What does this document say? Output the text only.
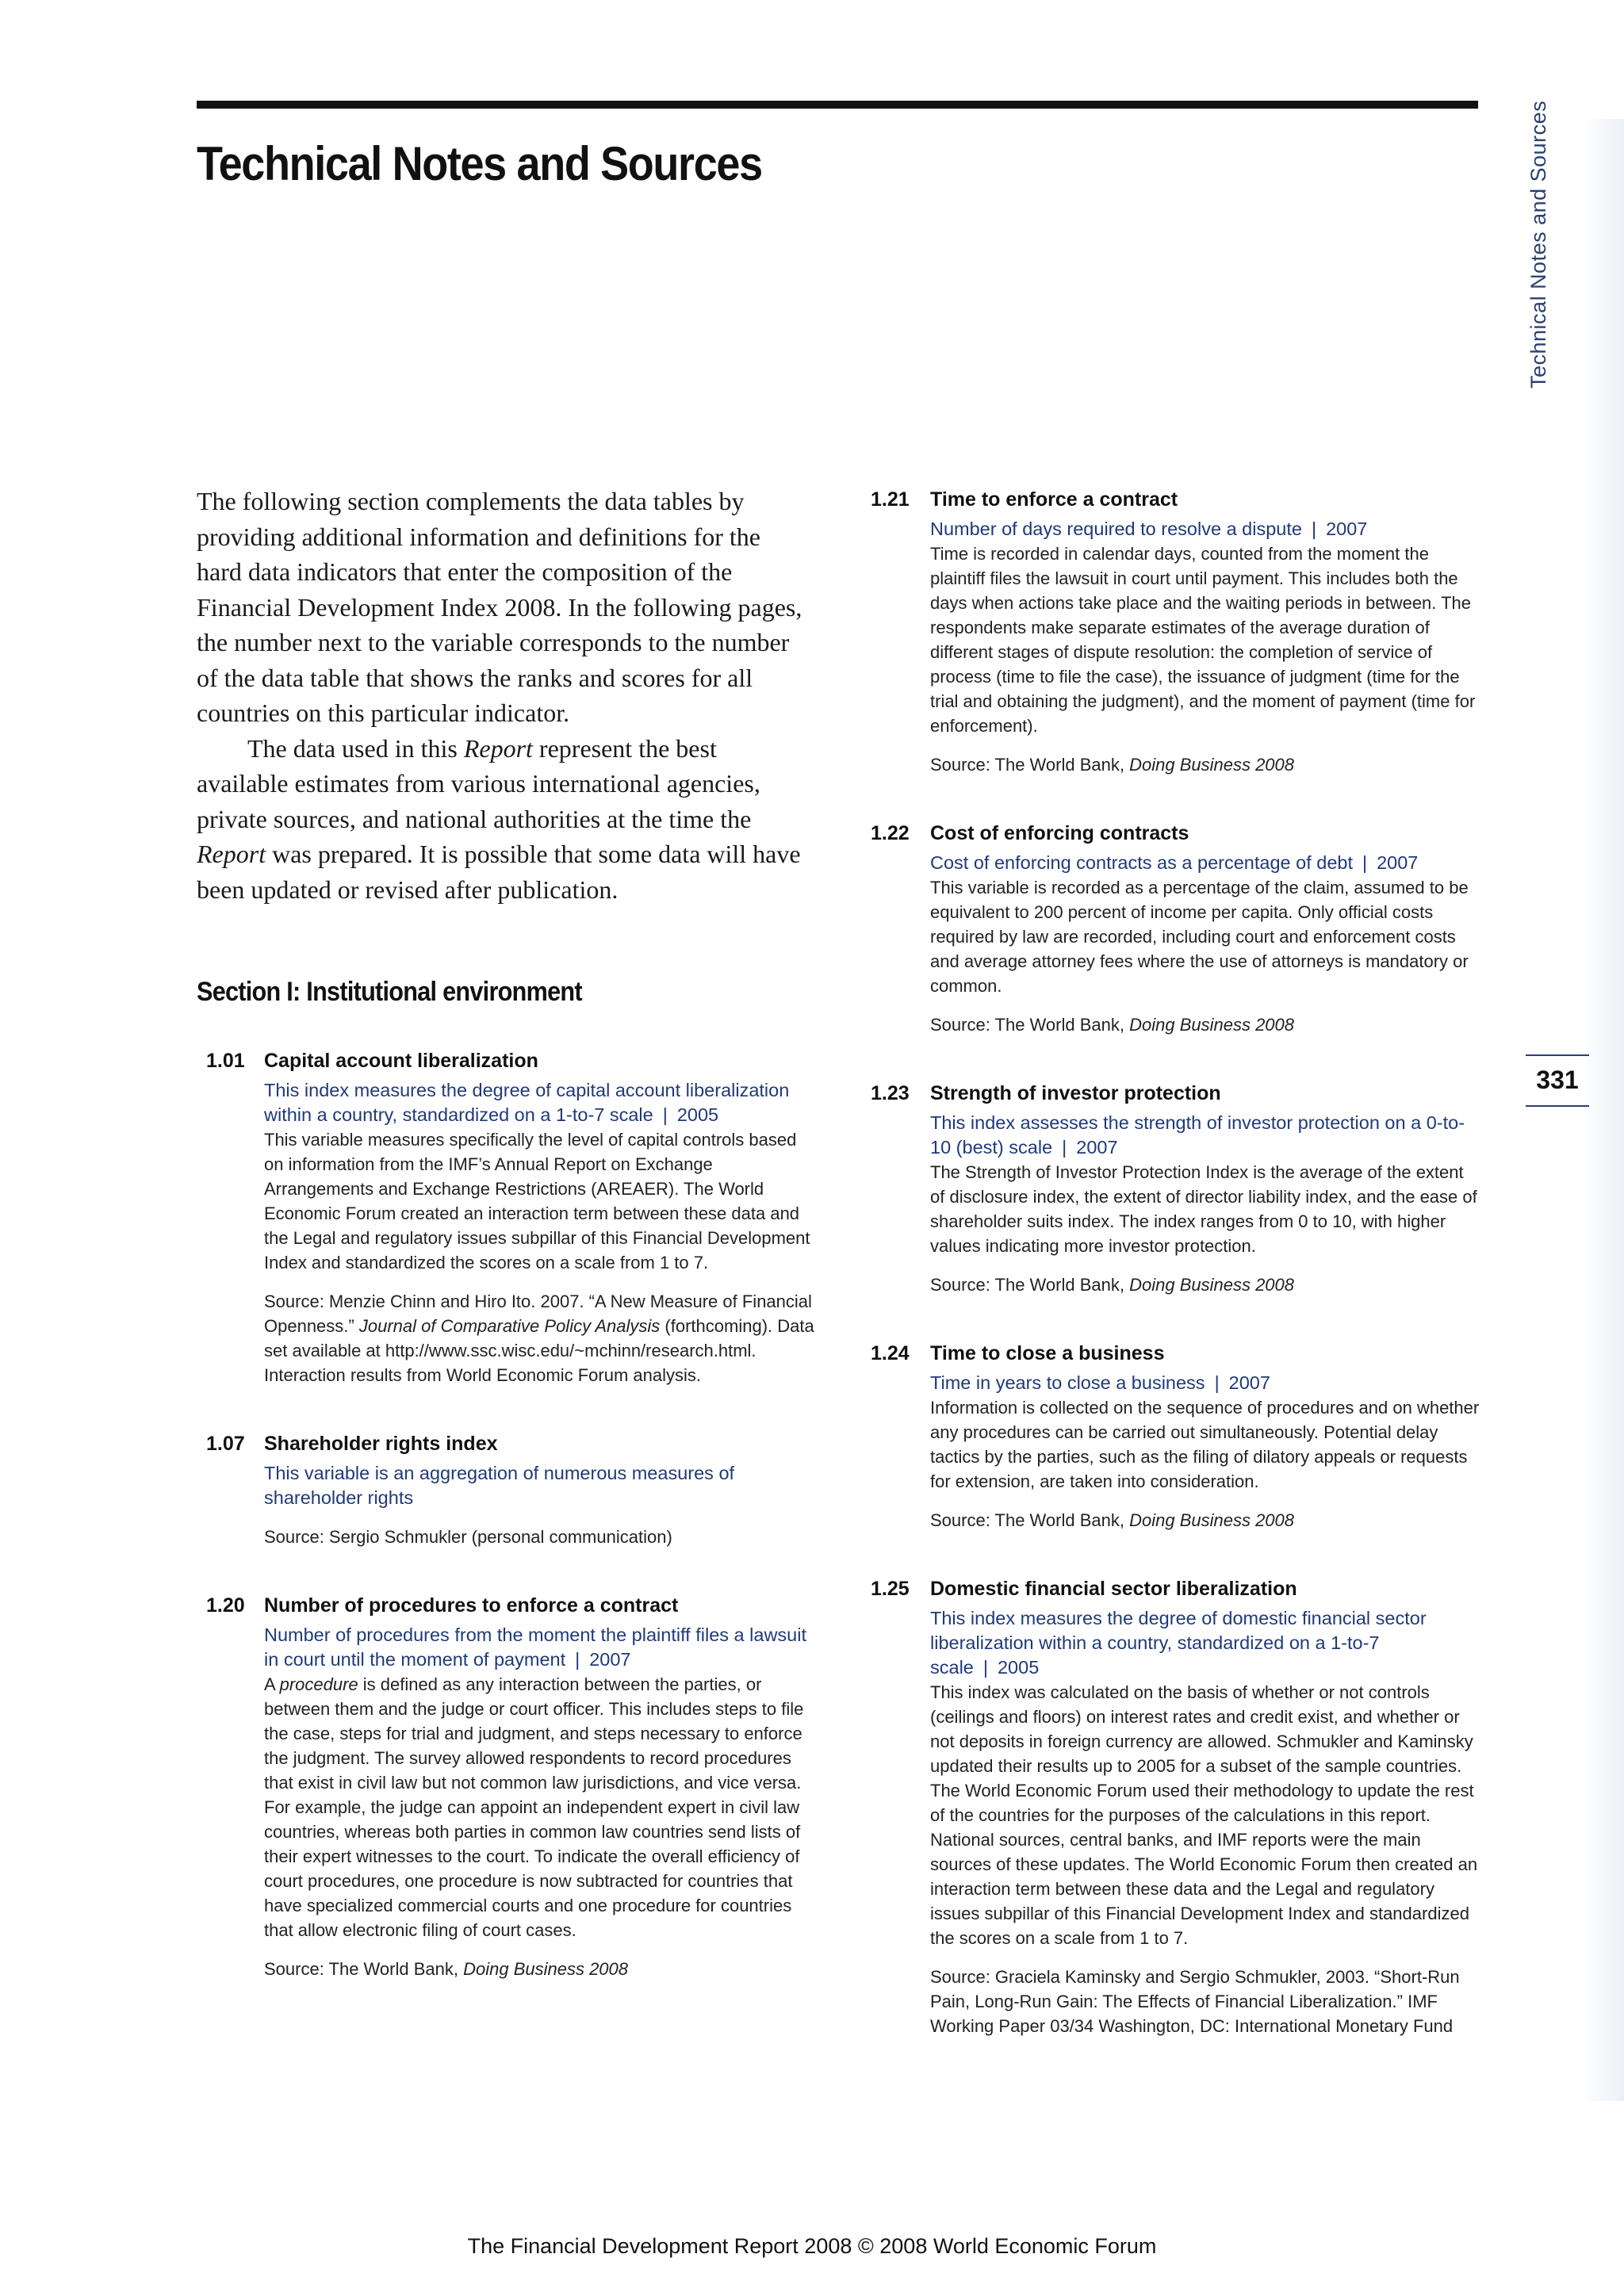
Technical Notes and Sources	Technical Notes and Sources
331

The following section complements the data tables by providing additional information and definitions for the hard data indicators that enter the composition of the Financial Development Index 2008. In the following pages, the number next to the variable corresponds to the number of the data table that shows the ranks and scores for all countries on this particular indicator.

The data used in this Report represent the best available estimates from various international agencies, private sources, and national authorities at the time the Report was prepared. It is possible that some data will have been updated or revised after publication.

Section I: Institutional environment
1.01 Capital account liberalization
This index measures the degree of capital account liberalization within a country, standardized on a 1-to-7 scale | 2005
This variable measures specifically the level of capital controls based on information from the IMF’s Annual Report on Exchange Arrangements and Exchange Restrictions (AREAER). The World Economic Forum created an interaction term between these data and the Legal and regulatory issues subpillar of this Financial Development Index and standardized the scores on a scale from 1 to 7.
Source: Menzie Chinn and Hiro Ito. 2007. “A New Measure of Financial Openness.” Journal of Comparative Policy Analysis (forthcoming). Data set available at http://www.ssc.wisc.edu/~mchinn/research.html. Interaction results from World Economic Forum analysis.
1.07 Shareholder rights index
This variable is an aggregation of numerous measures of shareholder rights
Source: Sergio Schmukler (personal communication)
1.20 Number of procedures to enforce a contract
Number of procedures from the moment the plaintiff files a lawsuit in court until the moment of payment | 2007
A procedure is defined as any interaction between the parties, or between them and the judge or court officer. This includes steps to file the case, steps for trial and judgment, and steps necessary to enforce the judgment. The survey allowed respondents to record procedures that exist in civil law but not common law jurisdictions, and vice versa. For example, the judge can appoint an independent expert in civil law countries, whereas both parties in common law countries send lists of their expert witnesses to the court. To indicate the overall efficiency of court procedures, one procedure is now subtracted for countries that have specialized commercial courts and one procedure for countries that allow electronic filing of court cases.
Source: The World Bank, Doing Business 2008
1.21 Time to enforce a contract
Number of days required to resolve a dispute | 2007
Time is recorded in calendar days, counted from the moment the plaintiff files the lawsuit in court until payment. This includes both the days when actions take place and the waiting periods in between. The respondents make separate estimates of the average duration of different stages of dispute resolution: the completion of service of process (time to file the case), the issuance of judgment (time for the trial and obtaining the judgment), and the moment of payment (time for enforcement).
Source: The World Bank, Doing Business 2008
1.22 Cost of enforcing contracts
Cost of enforcing contracts as a percentage of debt | 2007
This variable is recorded as a percentage of the claim, assumed to be equivalent to 200 percent of income per capita. Only official costs required by law are recorded, including court and enforcement costs and average attorney fees where the use of attorneys is mandatory or common.
Source: The World Bank, Doing Business 2008
1.23 Strength of investor protection
This index assesses the strength of investor protection on a 0-to-10 (best) scale | 2007
The Strength of Investor Protection Index is the average of the extent of disclosure index, the extent of director liability index, and the ease of shareholder suits index. The index ranges from 0 to 10, with higher values indicating more investor protection.
Source: The World Bank, Doing Business 2008
1.24 Time to close a business
Time in years to close a business | 2007
Information is collected on the sequence of procedures and on whether any procedures can be carried out simultaneously. Potential delay tactics by the parties, such as the filing of dilatory appeals or requests for extension, are taken into consideration.
Source: The World Bank, Doing Business 2008
1.25 Domestic financial sector liberalization
This index measures the degree of domestic financial sector liberalization within a country, standardized on a 1-to-7 scale | 2005
This index was calculated on the basis of whether or not controls (ceilings and floors) on interest rates and credit exist, and whether or not deposits in foreign currency are allowed. Schmukler and Kaminsky updated their results up to 2005 for a subset of the sample countries. The World Economic Forum used their methodology to update the rest of the countries for the purposes of the calculations in this report. National sources, central banks, and IMF reports were the main sources of these updates. The World Economic Forum then created an interaction term between these data and the Legal and regulatory issues subpillar of this Financial Development Index and standardized the scores on a scale from 1 to 7.
Source: Graciela Kaminsky and Sergio Schmukler, 2003. “Short-Run Pain, Long-Run Gain: The Effects of Financial Liberalization.” IMF Working Paper 03/34 Washington, DC: International Monetary Fund
The Financial Development Report 2008 © 2008 World Economic Forum
